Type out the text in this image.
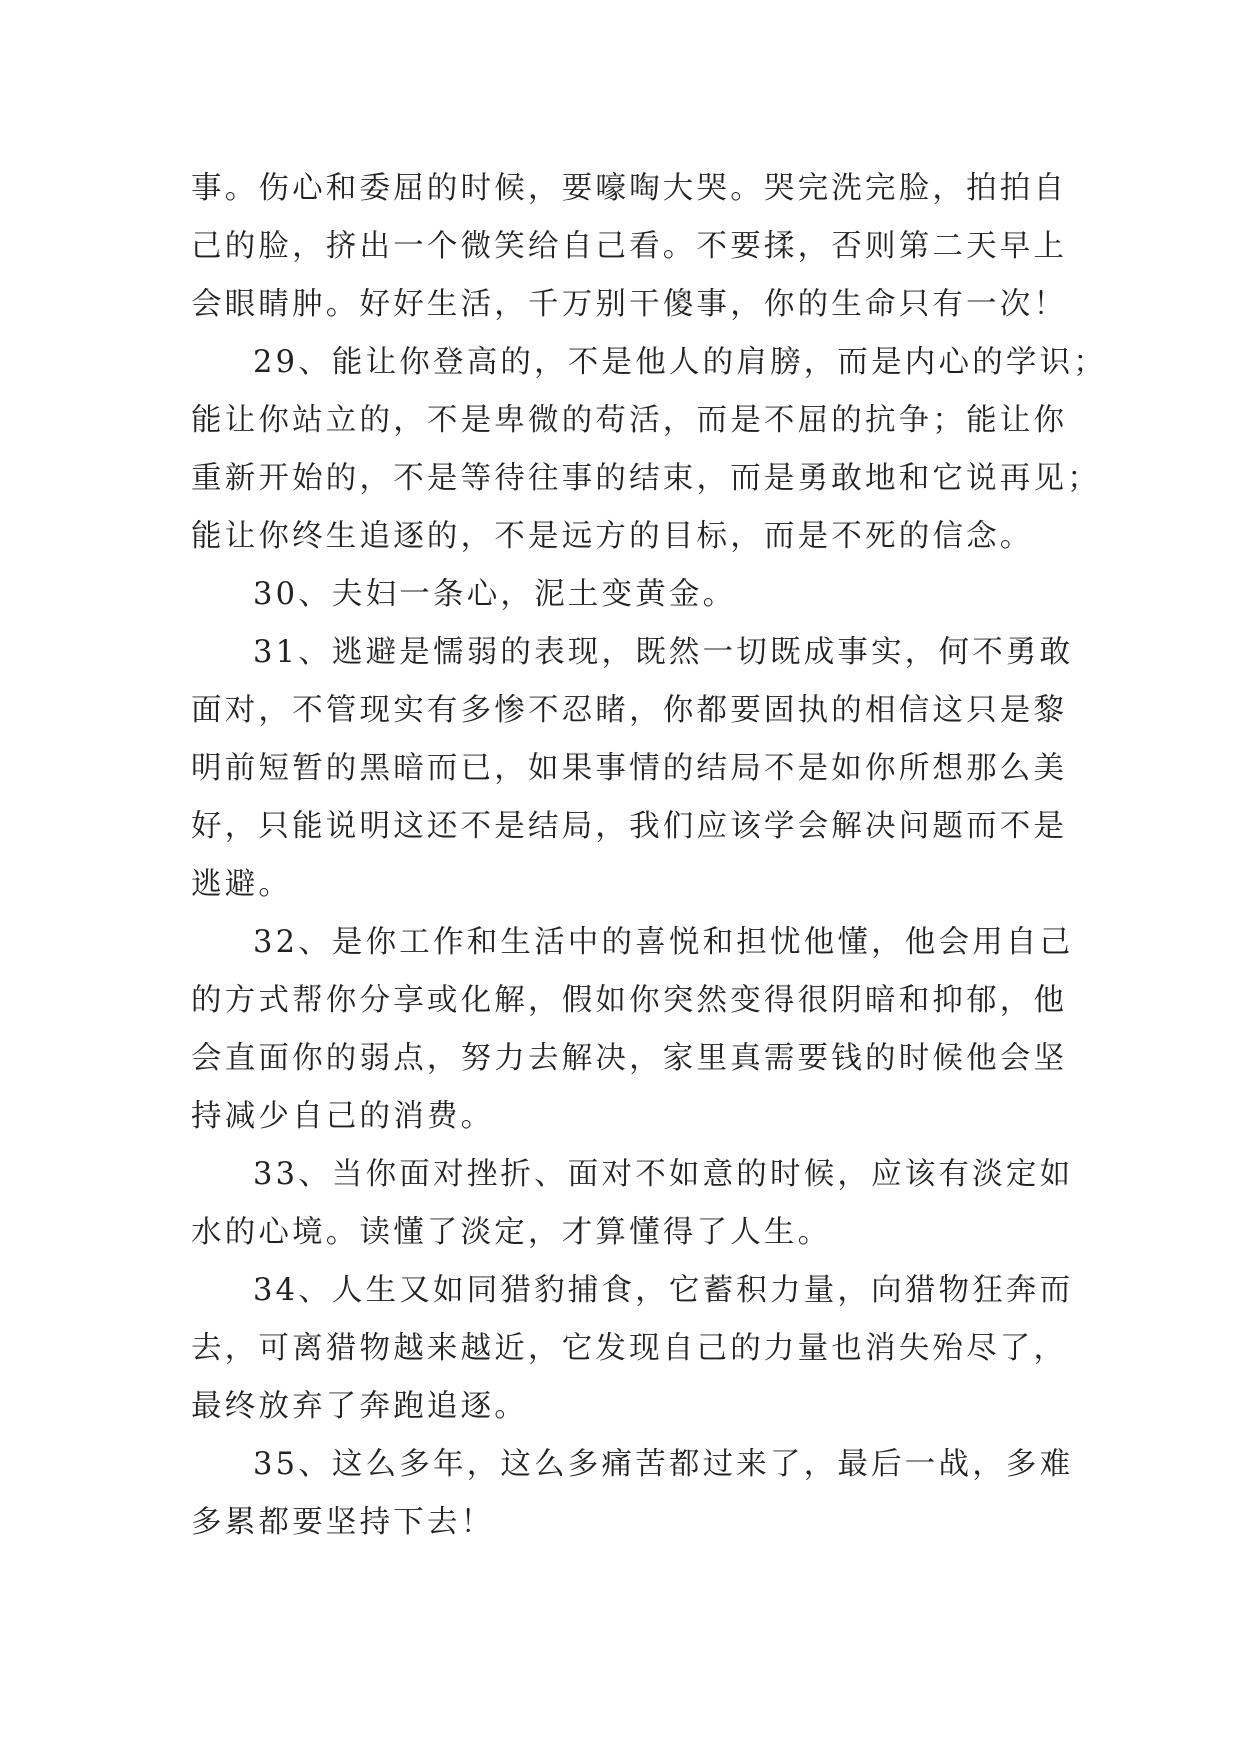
事。伤心和委屈的时候，要嚎啕大哭。哭完洗完脸，拍拍自
己的脸，挤出一个微笑给自己看。不要揉，否则第二天早上
会眼睛肿。好好生活，千万别干傻事，你的生命只有一次！
29、能让你登高的，不是他人的肩膀，而是内心的学识；
能让你站立的，不是卑微的苟活，而是不屈的抗争；能让你
重新开始的，不是等待往事的结束，而是勇敢地和它说再见；
能让你终生追逐的，不是远方的目标，而是不死的信念。
30、夫妇一条心，泥土变黄金。
31、逃避是懦弱的表现，既然一切既成事实，何不勇敢
面对，不管现实有多惨不忍睹，你都要固执的相信这只是黎
明前短暂的黑暗而已，如果事情的结局不是如你所想那么美
好，只能说明这还不是结局，我们应该学会解决问题而不是
逃避。
32、是你工作和生活中的喜悦和担忧他懂，他会用自己
的方式帮你分享或化解，假如你突然变得很阴暗和抑郁，他
会直面你的弱点，努力去解决，家里真需要钱的时候他会坚
持减少自己的消费。
33、当你面对挫折、面对不如意的时候，应该有淡定如
水的心境。读懂了淡定，才算懂得了人生。
34、人生又如同猎豹捕食，它蓄积力量，向猎物狂奔而
去，可离猎物越来越近，它发现自己的力量也消失殆尽了，
最终放弃了奔跑追逐。
35、这么多年，这么多痛苦都过来了，最后一战，多难
多累都要坚持下去！
